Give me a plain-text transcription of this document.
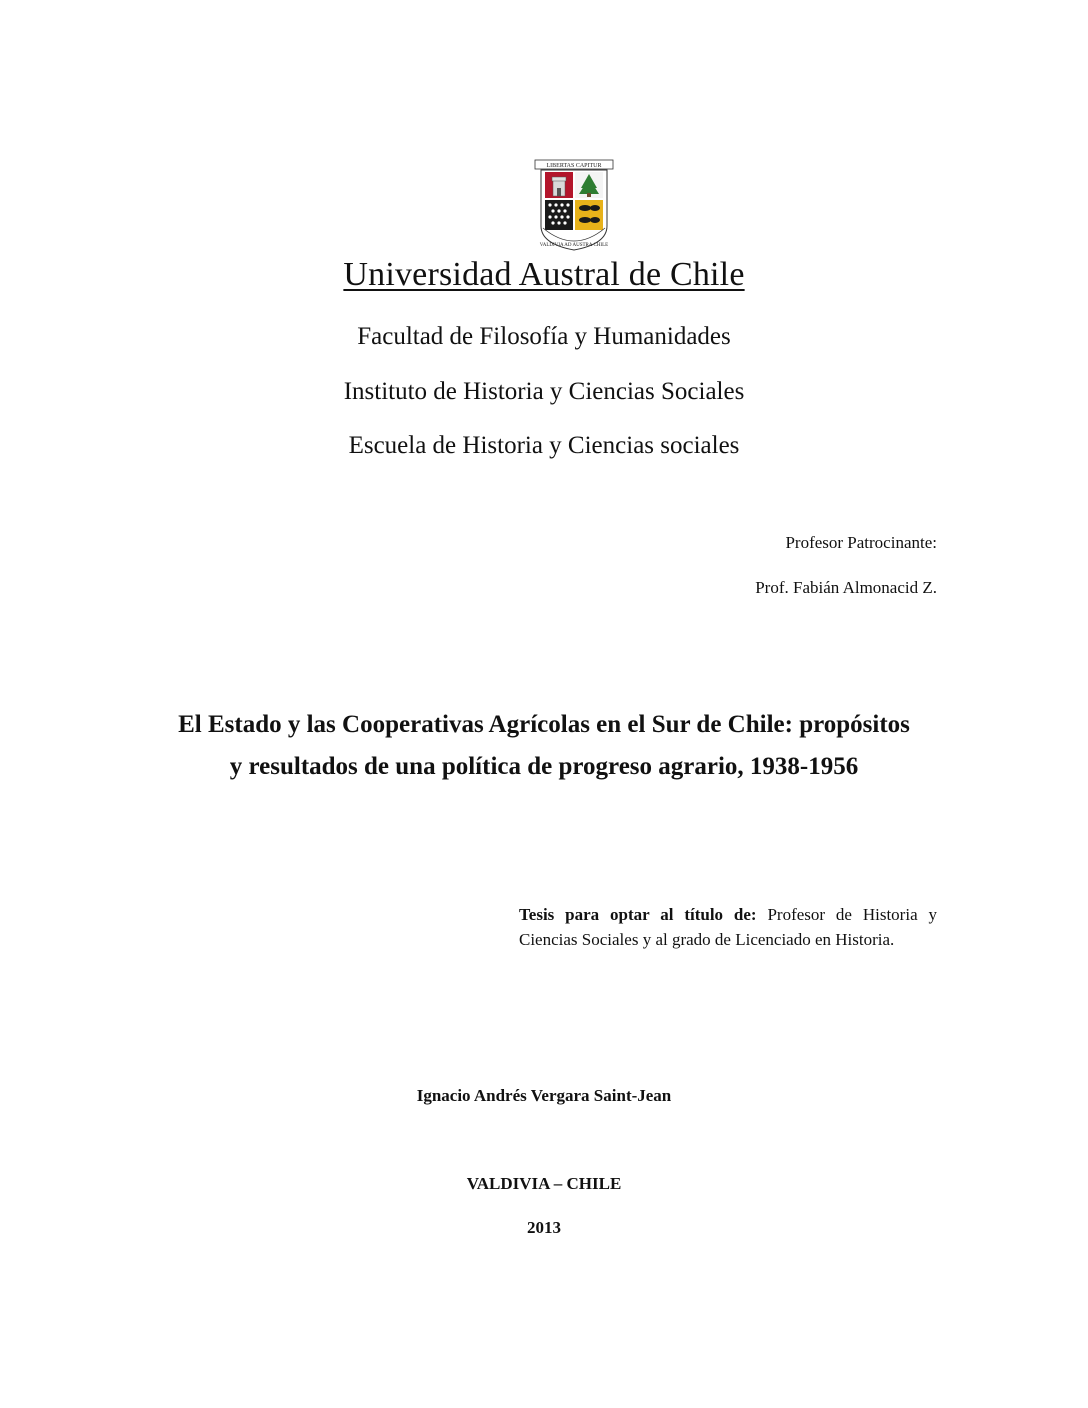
LIBERTAS CAPITUR
VALDIVIA AD AUSTRA CHILE
Universidad Austral de Chile
Facultad de Filosofía y Humanidades
Instituto de Historia y Ciencias Sociales
Escuela de Historia y Ciencias sociales
Profesor Patrocinante:
Prof. Fabián Almonacid Z.
El Estado y las Cooperativas Agrícolas en el Sur de Chile: propósitos
y resultados de una política de progreso agrario, 1938-1956
Tesis para optar al título de: Profesor de Historia y Ciencias Sociales y al grado de Licenciado en Historia.
Ignacio Andrés Vergara Saint-Jean
VALDIVIA – CHILE
2013
